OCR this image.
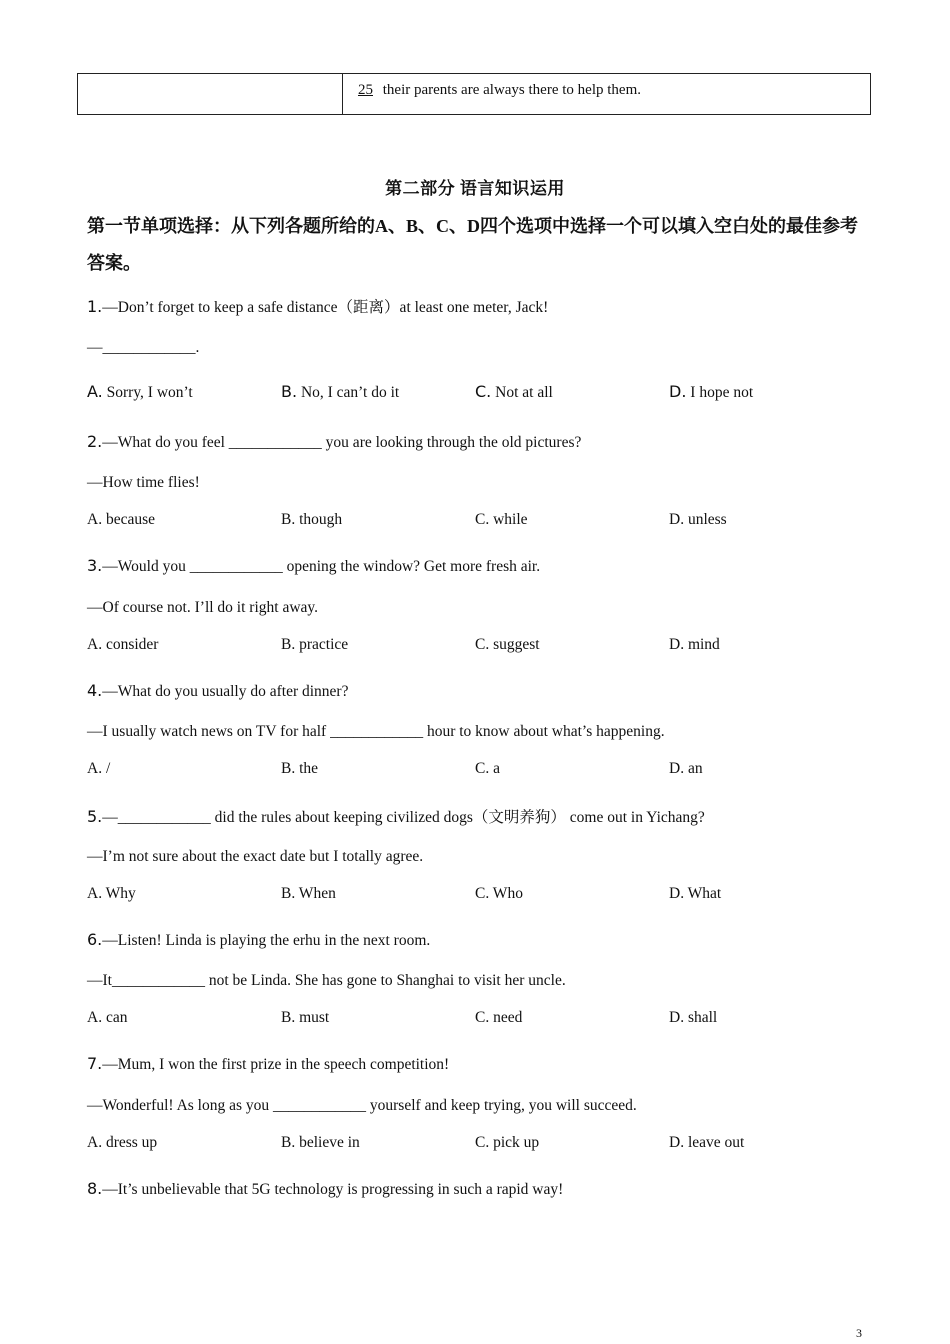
25 their parents are always there to help them.
第二部分 语言知识运用
第一节单项选择：从下列各题所给的A、B、C、D四个选项中选择一个可以填入空白处的最佳参考答案。
1.—Don’t forget to keep a safe distance（距离）at least one meter, Jack!
—____________.
A. Sorry, I won’t	B. No, I can’t do it	C. Not at all	D. I hope not
2.—What do you feel ____________ you are looking through the old pictures?
—How time flies!
A. because	B. though	C. while	D. unless
3.—Would you ____________ opening the window? Get more fresh air.
—Of course not. I’ll do it right away.
A. consider	B. practice	C. suggest	D. mind
4.—What do you usually do after dinner?
—I usually watch news on TV for half ____________ hour to know about what’s happening.
A. /	B. the	C. a	D. an
5.—____________ did the rules about keeping civilized dogs（文明养狗） come out in Yichang?
—I’m not sure about the exact date but I totally agree.
A. Why	B. When	C. Who	D. What
6.—Listen! Linda is playing the erhu in the next room.
—It____________ not be Linda. She has gone to Shanghai to visit her uncle.
A. can	B. must	C. need	D. shall
7.—Mum, I won the first prize in the speech competition!
—Wonderful! As long as you ____________ yourself and keep trying, you will succeed.
A. dress up	B. believe in	C. pick up	D. leave out
8.—It’s unbelievable that 5G technology is progressing in such a rapid way!
3
